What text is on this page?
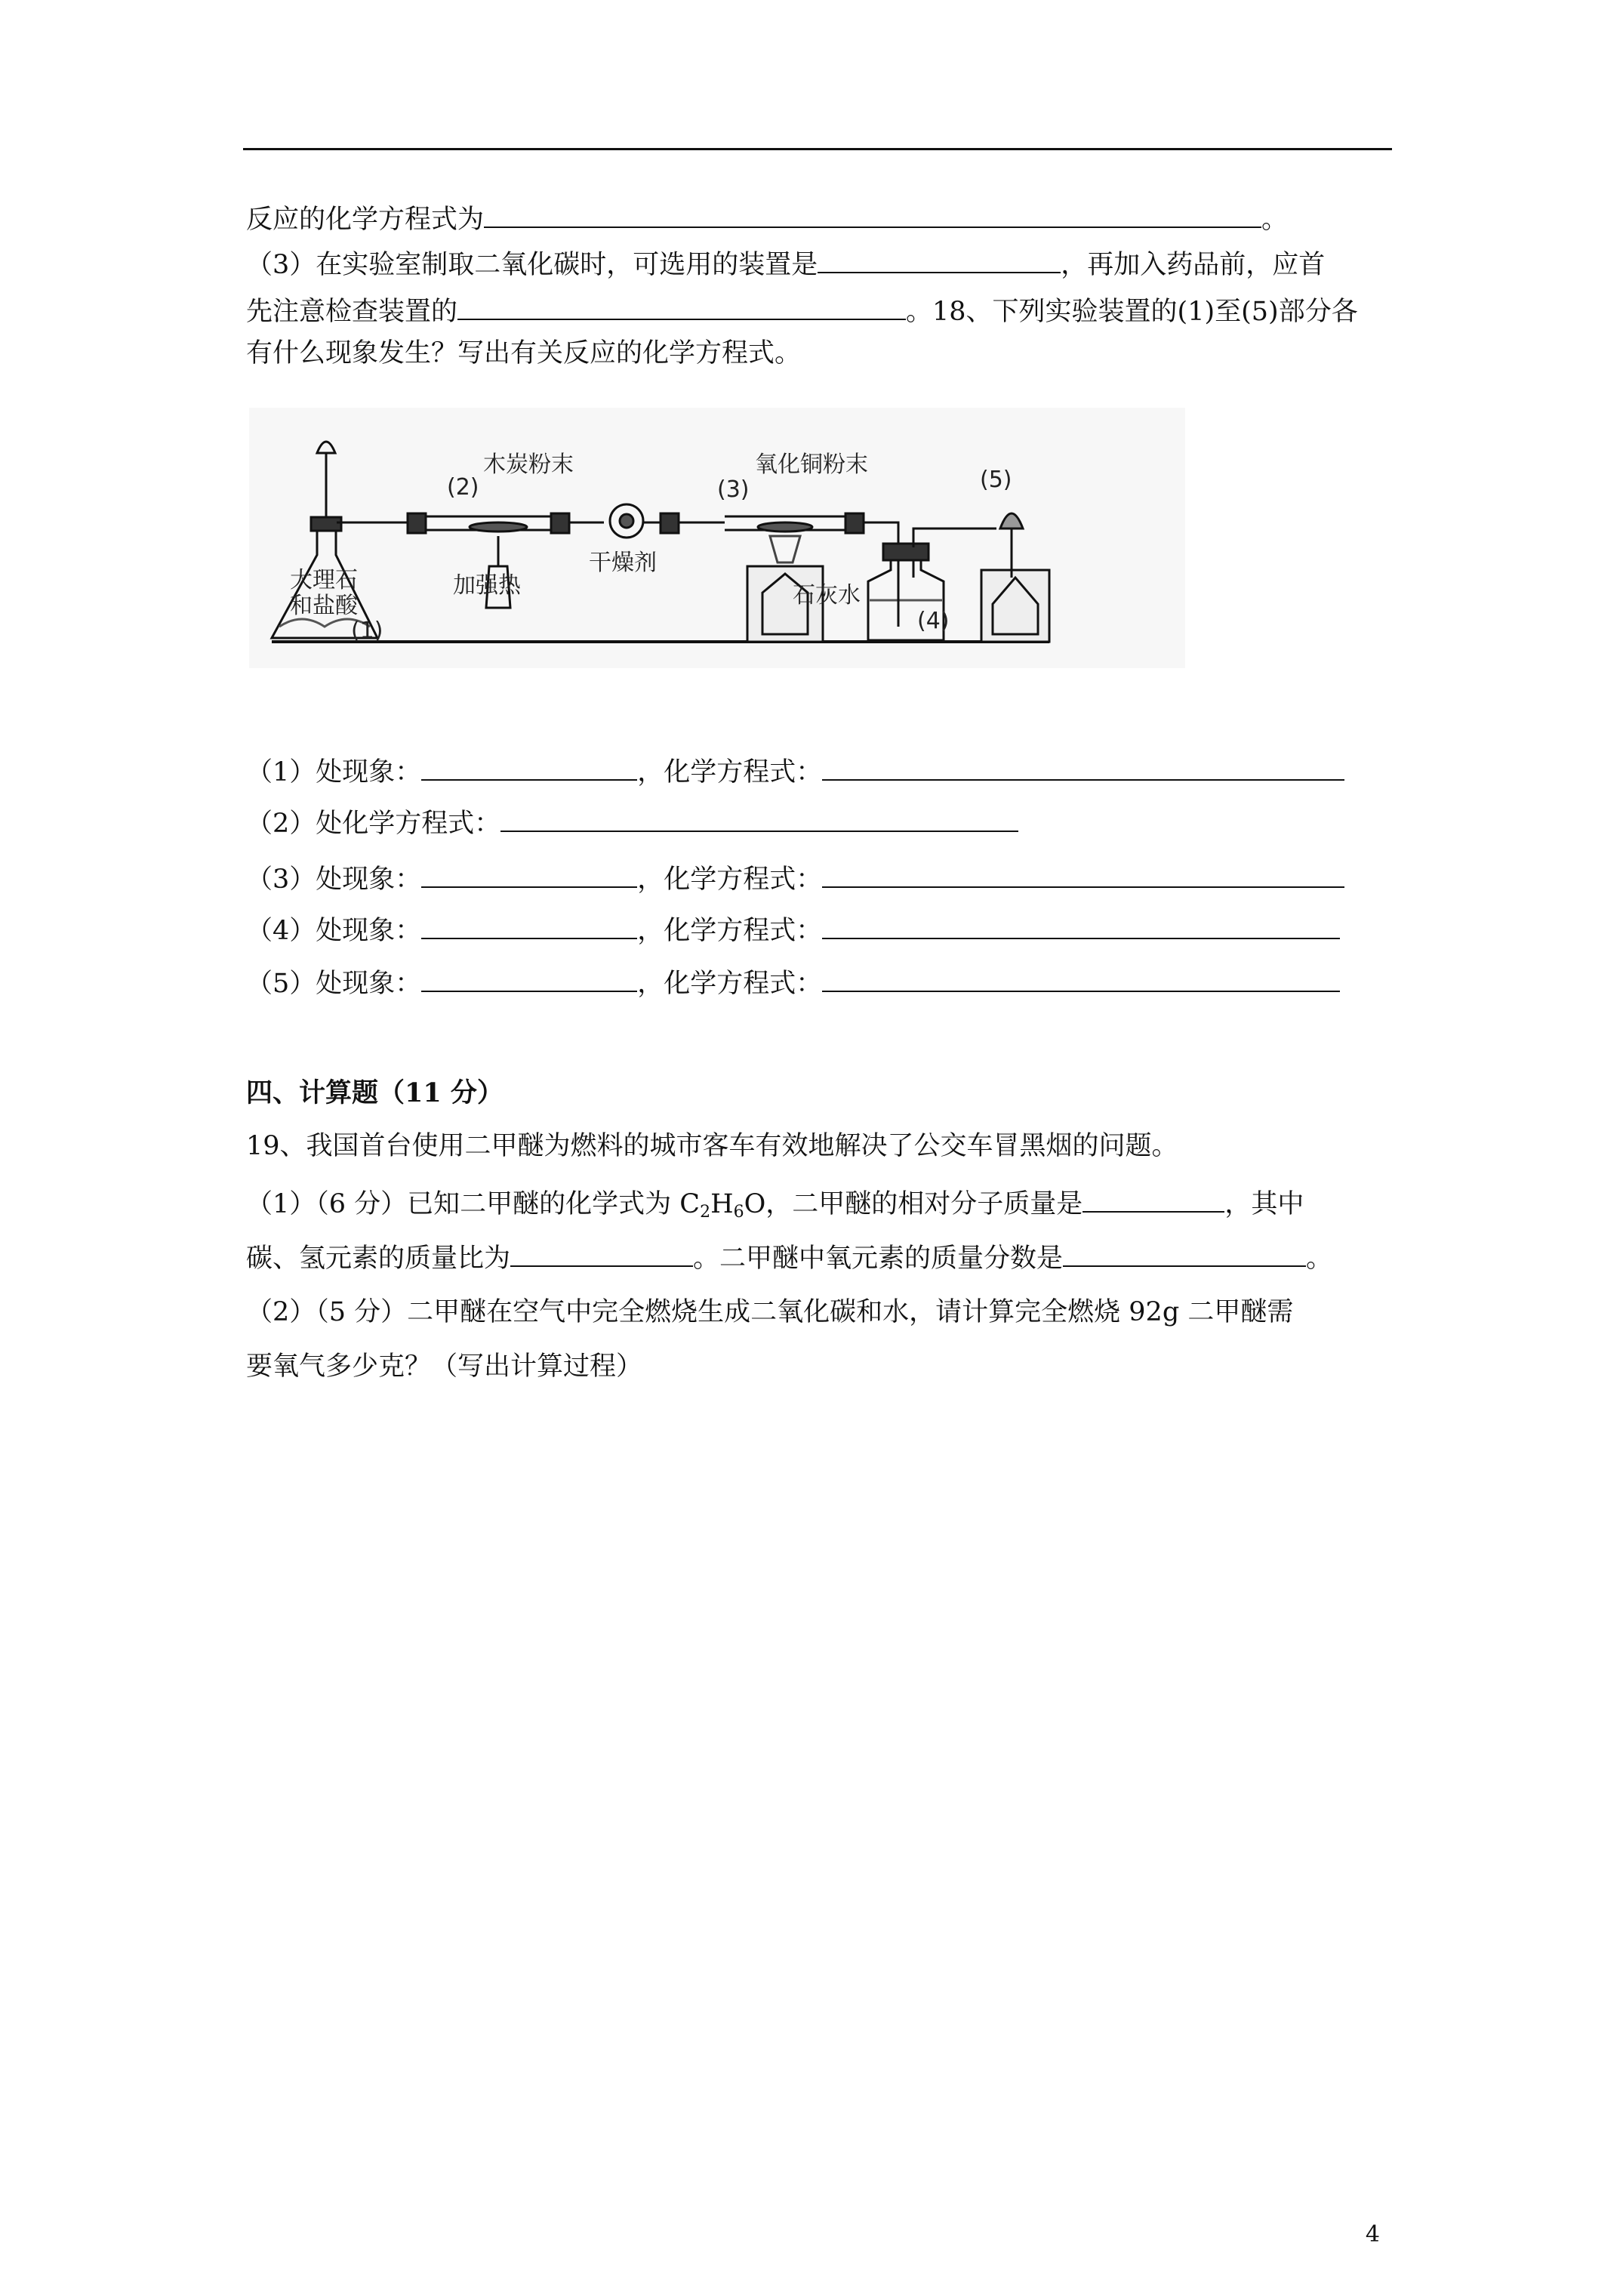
反应的化学方程式为	。
（3）在实验室制取二氧化碳时，可选用的装置是	，再加入药品前，应首
先注意检查装置的	。18、下列实验装置的(1)至(5)部分各
有什么现象发生？写出有关反应的化学方程式。
大理石
和盐酸
(1)
(2)
木炭粉末
加强热
干燥剂
(3)
氧化铜粉末
石灰水
(4)
(5)
（1）处现象：	，化学方程式：
（2）处化学方程式：
（3）处现象：	，化学方程式：
（4）处现象：	，化学方程式：
（5）处现象：	，化学方程式：
四、计算题（11 分）
19、我国首台使用二甲醚为燃料的城市客车有效地解决了公交车冒黑烟的问题。
（1）（6 分）已知二甲醚的化学式为 $C_2H_6O$，二甲醚的相对分子质量是	，其中
碳、氢元素的质量比为	。二甲醚中氧元素的质量分数是	。
（2）（5 分）二甲醚在空气中完全燃烧生成二氧化碳和水，请计算完全燃烧 92g 二甲醚需
要氧气多少克？（写出计算过程）
4
